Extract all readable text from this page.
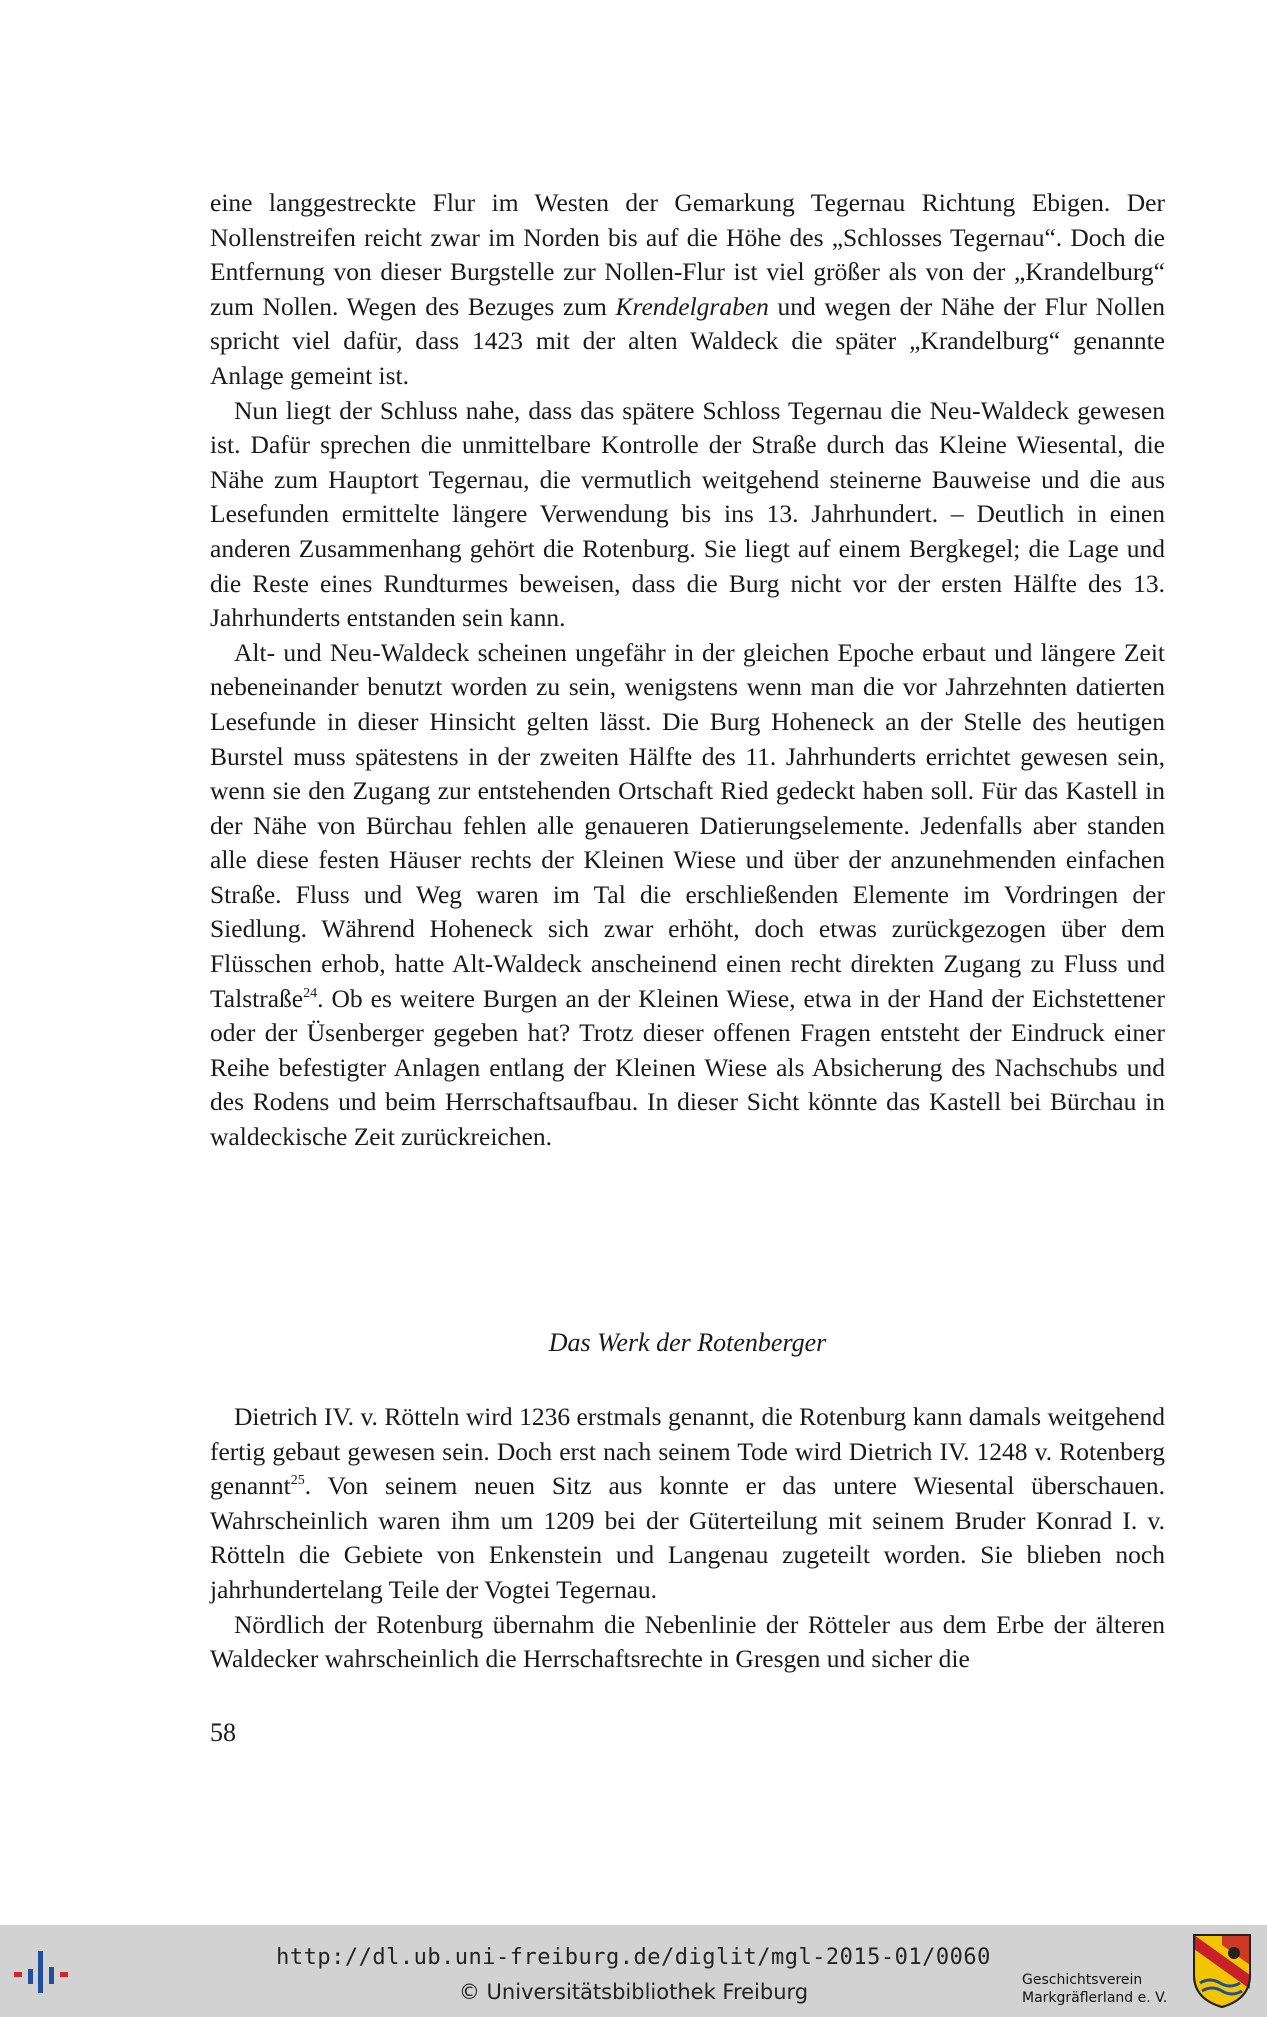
eine langgestreckte Flur im Westen der Gemarkung Tegernau Richtung Ebigen. Der Nollenstreifen reicht zwar im Norden bis auf die Höhe des „Schlosses Tegernau“. Doch die Entfernung von dieser Burgstelle zur Nollen-Flur ist viel größer als von der „Krandelburg“ zum Nollen. Wegen des Bezuges zum Krendelgraben und wegen der Nähe der Flur Nollen spricht viel dafür, dass 1423 mit der alten Waldeck die später „Krandelburg“ genannte Anlage gemeint ist.

Nun liegt der Schluss nahe, dass das spätere Schloss Tegernau die Neu-Waldeck gewesen ist. Dafür sprechen die unmittelbare Kontrolle der Straße durch das Kleine Wiesental, die Nähe zum Hauptort Tegernau, die vermutlich weitgehend steinerne Bauweise und die aus Lesefunden ermittelte längere Verwendung bis ins 13. Jahrhundert. – Deutlich in einen anderen Zusammenhang gehört die Rotenburg. Sie liegt auf einem Bergkegel; die Lage und die Reste eines Rundturmes beweisen, dass die Burg nicht vor der ersten Hälfte des 13. Jahrhunderts entstanden sein kann.

Alt- und Neu-Waldeck scheinen ungefähr in der gleichen Epoche erbaut und längere Zeit nebeneinander benutzt worden zu sein, wenigstens wenn man die vor Jahrzehnten datierten Lesefunde in dieser Hinsicht gelten lässt. Die Burg Hoheneck an der Stelle des heutigen Burstel muss spätestens in der zweiten Hälfte des 11. Jahrhunderts errichtet gewesen sein, wenn sie den Zugang zur entstehenden Ortschaft Ried gedeckt haben soll. Für das Kastell in der Nähe von Bürchau fehlen alle genaueren Datierungselemente. Jedenfalls aber standen alle diese festen Häuser rechts der Kleinen Wiese und über der anzunehmenden einfachen Straße. Fluss und Weg waren im Tal die erschließenden Elemente im Vordringen der Siedlung. Während Hoheneck sich zwar erhöht, doch etwas zurückgezogen über dem Flüsschen erhob, hatte Alt-Waldeck anscheinend einen recht direkten Zugang zu Fluss und Talstraße$^{24}$. Ob es weitere Burgen an der Kleinen Wiese, etwa in der Hand der Eichstettener oder der Üsenberger gegeben hat? Trotz dieser offenen Fragen entsteht der Eindruck einer Reihe befestigter Anlagen entlang der Kleinen Wiese als Absicherung des Nachschubs und des Rodens und beim Herrschaftsaufbau. In dieser Sicht könnte das Kastell bei Bürchau in waldeckische Zeit zurückreichen.

Das Werk der Rotenberger

Dietrich IV. v. Rötteln wird 1236 erstmals genannt, die Rotenburg kann damals weitgehend fertig gebaut gewesen sein. Doch erst nach seinem Tode wird Dietrich IV. 1248 v. Rotenberg genannt$^{25}$. Von seinem neuen Sitz aus konnte er das untere Wiesental überschauen. Wahrscheinlich waren ihm um 1209 bei der Güterteilung mit seinem Bruder Konrad I. v. Rötteln die Gebiete von Enkenstein und Langenau zugeteilt worden. Sie blieben noch jahrhundertelang Teile der Vogtei Tegernau.

Nördlich der Rotenburg übernahm die Nebenlinie der Rötteler aus dem Erbe der älteren Waldecker wahrscheinlich die Herrschaftsrechte in Gresgen und sicher die

58
http://dl.ub.uni-freiburg.de/diglit/mgl-2015-01/0060
© Universitätsbibliothek Freiburg	Geschichtsverein
Markgräflerland e. V.
